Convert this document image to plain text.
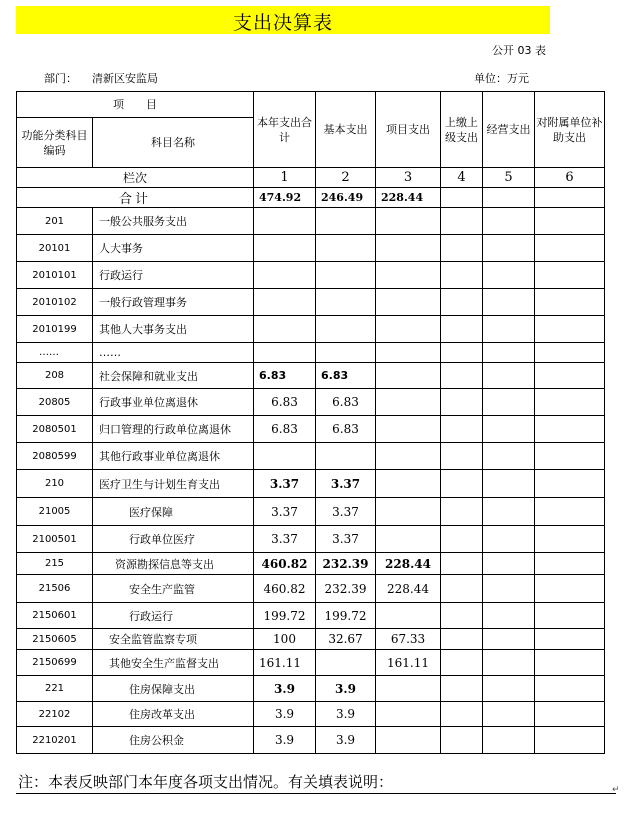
支出决算表
公开 03 表
部门： 清新区安监局	单位：万元
项　　目		本年支出合计	基本支出	项目支出	上缴上级支出	经营支出	对附属单位补助支出
功能分类科目编码	科目名称						
栏次		1	2	3	4	5	6
合计		474.92	246.49	228.44			
201	一般公共服务支出						
20101	人大事务						
2010101	行政运行						
2010102	一般行政管理事务						
2010199	其他人大事务支出						
……	……						
208	社会保障和就业支出	6.83	6.83				
20805	行政事业单位离退休	6.83	6.83				
2080501	归口管理的行政单位离退休	6.83	6.83				
2080599	其他行政事业单位离退休						
210	医疗卫生与计划生育支出	3.37	3.37				
21005	医疗保障	3.37	3.37				
2100501	行政单位医疗	3.37	3.37				
215	资源勘探信息等支出	460.82	232.39	228.44			
21506	安全生产监管	460.82	232.39	228.44			
2150601	行政运行	199.72	199.72				
2150605	安全监管监察专项	100	32.67	67.33			
2150699	其他安全生产监督支出	161.11		161.11			
221	住房保障支出	3.9	3.9				
22102	住房改革支出	3.9	3.9				
2210201	住房公积金	3.9	3.9				
注：本表反映部门本年度各项支出情况。有关填表说明：	↵
